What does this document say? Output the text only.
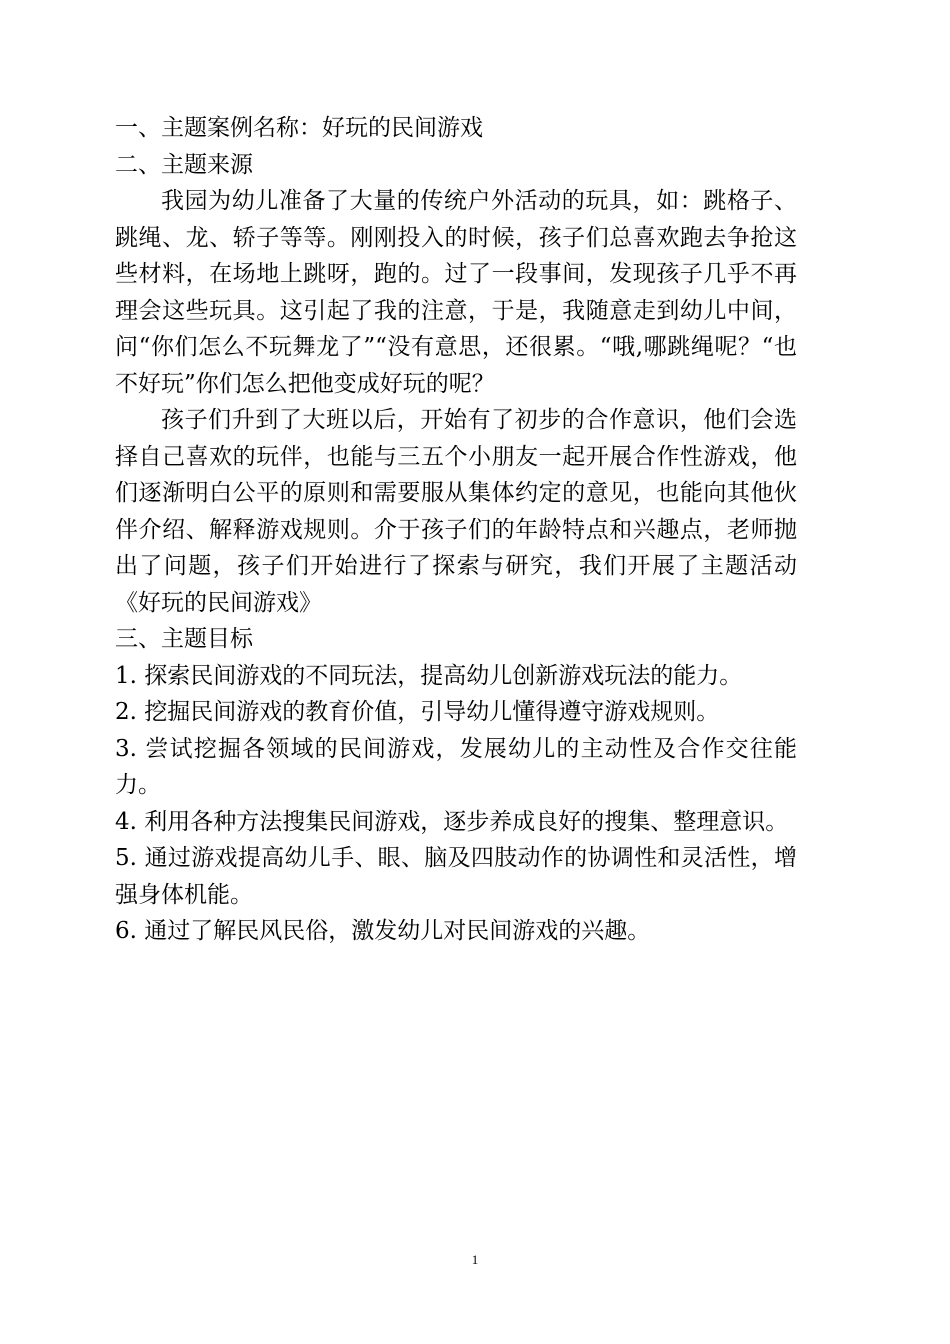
一、主题案例名称：好玩的民间游戏

二、主题来源

我园为幼儿准备了大量的传统户外活动的玩具，如：跳格子、跳绳、龙、轿子等等。刚刚投入的时候，孩子们总喜欢跑去争抢这些材料，在场地上跳呀，跑的。过了一段事间，发现孩子几乎不再理会这些玩具。这引起了我的注意，于是，我随意走到幼儿中间，问“你们怎么不玩舞龙了”“没有意思，还很累。“哦,哪跳绳呢？“也不好玩”你们怎么把他变成好玩的呢？

孩子们升到了大班以后，开始有了初步的合作意识，他们会选择自己喜欢的玩伴，也能与三五个小朋友一起开展合作性游戏，他们逐渐明白公平的原则和需要服从集体约定的意见，也能向其他伙伴介绍、解释游戏规则。介于孩子们的年龄特点和兴趣点，老师抛出了问题，孩子们开始进行了探索与研究，我们开展了主题活动《好玩的民间游戏》

三、主题目标

1. 探索民间游戏的不同玩法，提高幼儿创新游戏玩法的能力。

2. 挖掘民间游戏的教育价值，引导幼儿懂得遵守游戏规则。

3. 尝试挖掘各领域的民间游戏，发展幼儿的主动性及合作交往能力。

4. 利用各种方法搜集民间游戏，逐步养成良好的搜集、整理意识。

5. 通过游戏提高幼儿手、眼、脑及四肢动作的协调性和灵活性，增强身体机能。

6. 通过了解民风民俗，激发幼儿对民间游戏的兴趣。

1
